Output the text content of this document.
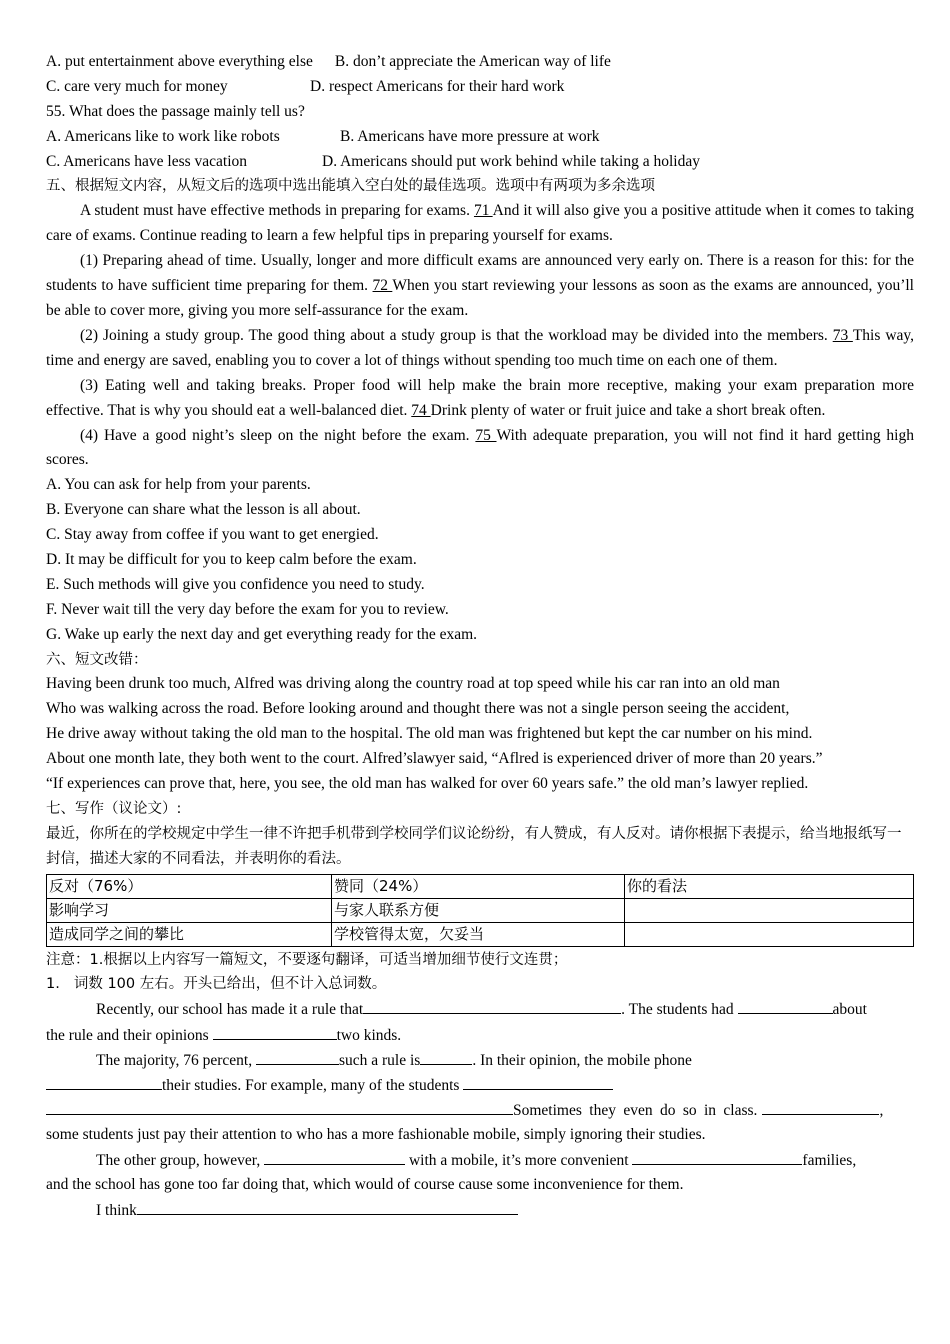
A. put entertainment above everything else B. don’t appreciate the American way of life
C. care very much for money	D. respect Americans for their hard work
55. What does the passage mainly tell us?
A. Americans like to work like robots	B. Americans have more pressure at work
C. Americans have less vacation	D. Americans should put work behind while taking a holiday
五、根据短文内容，从短文后的选项中选出能填入空白处的最佳选项。选项中有两项为多余选项
A student must have effective methods in preparing for exams. 71 And it will also give you a positive attitude when it comes to taking care of exams. Continue reading to learn a few helpful tips in preparing yourself for exams.
(1) Preparing ahead of time. Usually, longer and more difficult exams are announced very early on. There is a reason for this: for the students to have sufficient time preparing for them. 72 When you start reviewing your lessons as soon as the exams are announced, you’ll be able to cover more, giving you more self-assurance for the exam.
(2) Joining a study group. The good thing about a study group is that the workload may be divided into the members. 73 This way, time and energy are saved, enabling you to cover a lot of things without spending too much time on each one of them.
(3) Eating well and taking breaks. Proper food will help make the brain more receptive, making your exam preparation more effective. That is why you should eat a well-balanced diet. 74 Drink plenty of water or fruit juice and take a short break often.
(4) Have a good night’s sleep on the night before the exam. 75 With adequate preparation, you will not find it hard getting high scores.
A. You can ask for help from your parents.
B. Everyone can share what the lesson is all about.
C. Stay away from coffee if you want to get energied.
D. It may be difficult for you to keep calm before the exam.
E. Such methods will give you confidence you need to study.
F. Never wait till the very day before the exam for you to review.
G. Wake up early the next day and get everything ready for the exam.
六、短文改错：
Having been drunk too much, Alfred was driving along the country road at top speed while his car ran into an old man
Who was walking across the road. Before looking around and thought there was not a single person seeing the accident,
He drive away without taking the old man to the hospital. The old man was frightened but kept the car number on his mind.
About one month late, they both went to the court. Alfred’slawyer said, “Aflred is experienced driver of more than 20 years.”
“If experiences can prove that, here, you see, the old man has walked for over 60 years safe.” the old man’s lawyer replied.
七、写作（议论文）:
最近，你所在的学校规定中学生一律不许把手机带到学校同学们议论纷纷，有人赞成，有人反对。请你根据下表提示，给当地报纸写一封信，描述大家的不同看法，并表明你的看法。
反对（76%）	赞同（24%）	你的看法
影响学习	与家人联系方便	
造成同学之间的攀比	学校管得太宽，欠妥当	
注意：1.根据以上内容写一篇短文，不要逐句翻译，可适当增加细节使行文连贯；
1. 词数 100 左右。开头已给出，但不计入总词数。
Recently, our school has made it a rule that	. The students had	about
the rule and their opinions	two kinds.
The majority, 76 percent,	such a rule is	. In their opinion, the mobile phone
their studies. For example, many of the students
Sometimes they even do so in class.	,
some students just pay their attention to who has a more fashionable mobile, simply ignoring their studies.
The other group, however,	with a mobile, it’s more convenient	families,
and the school has gone too far doing that, which would of course cause some inconvenience for them.
I think
